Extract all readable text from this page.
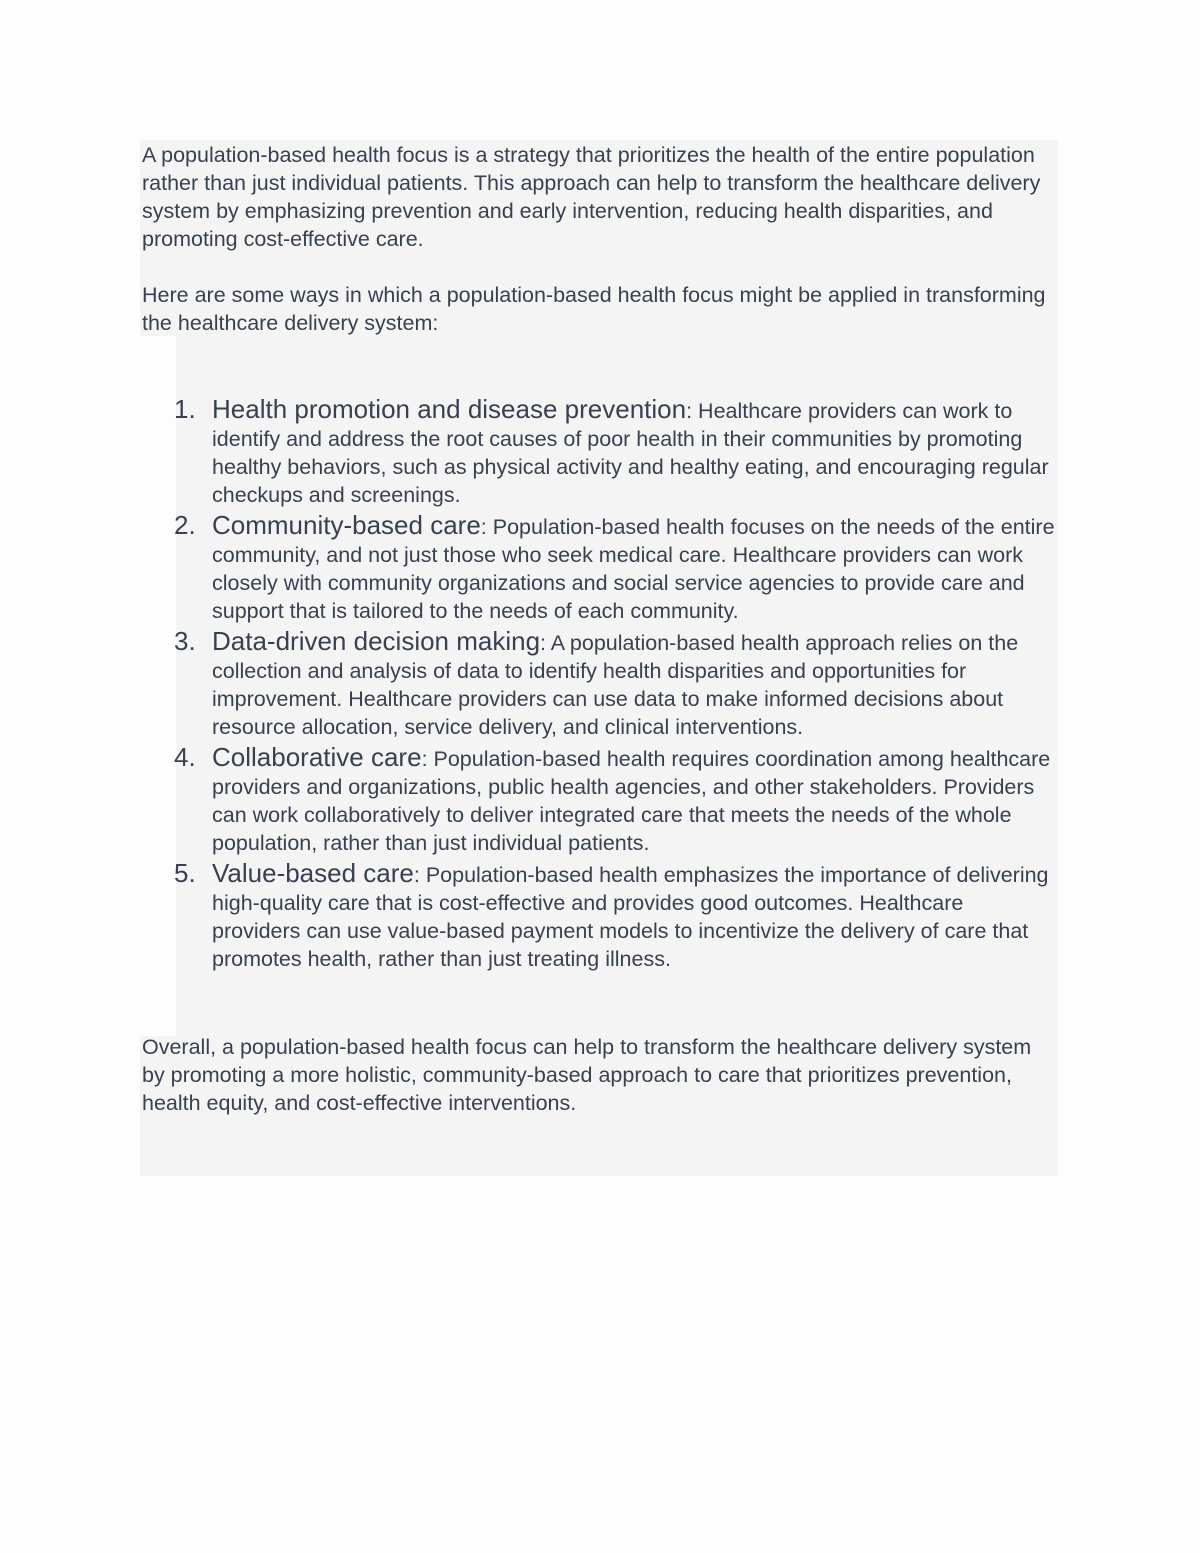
A population-based health focus is a strategy that prioritizes the health of the entire population rather than just individual patients. This approach can help to transform the healthcare delivery system by emphasizing prevention and early intervention, reducing health disparities, and promoting cost-effective care.

Here are some ways in which a population-based health focus might be applied in transforming the healthcare delivery system:

1. Health promotion and disease prevention: Healthcare providers can work to identify and address the root causes of poor health in their communities by promoting healthy behaviors, such as physical activity and healthy eating, and encouraging regular checkups and screenings.
2. Community-based care: Population-based health focuses on the needs of the entire community, and not just those who seek medical care. Healthcare providers can work closely with community organizations and social service agencies to provide care and support that is tailored to the needs of each community.
3. Data-driven decision making: A population-based health approach relies on the collection and analysis of data to identify health disparities and opportunities for improvement. Healthcare providers can use data to make informed decisions about resource allocation, service delivery, and clinical interventions.
4. Collaborative care: Population-based health requires coordination among healthcare providers and organizations, public health agencies, and other stakeholders. Providers can work collaboratively to deliver integrated care that meets the needs of the whole population, rather than just individual patients.
5. Value-based care: Population-based health emphasizes the importance of delivering high-quality care that is cost-effective and provides good outcomes. Healthcare providers can use value-based payment models to incentivize the delivery of care that promotes health, rather than just treating illness.

Overall, a population-based health focus can help to transform the healthcare delivery system by promoting a more holistic, community-based approach to care that prioritizes prevention, health equity, and cost-effective interventions.
